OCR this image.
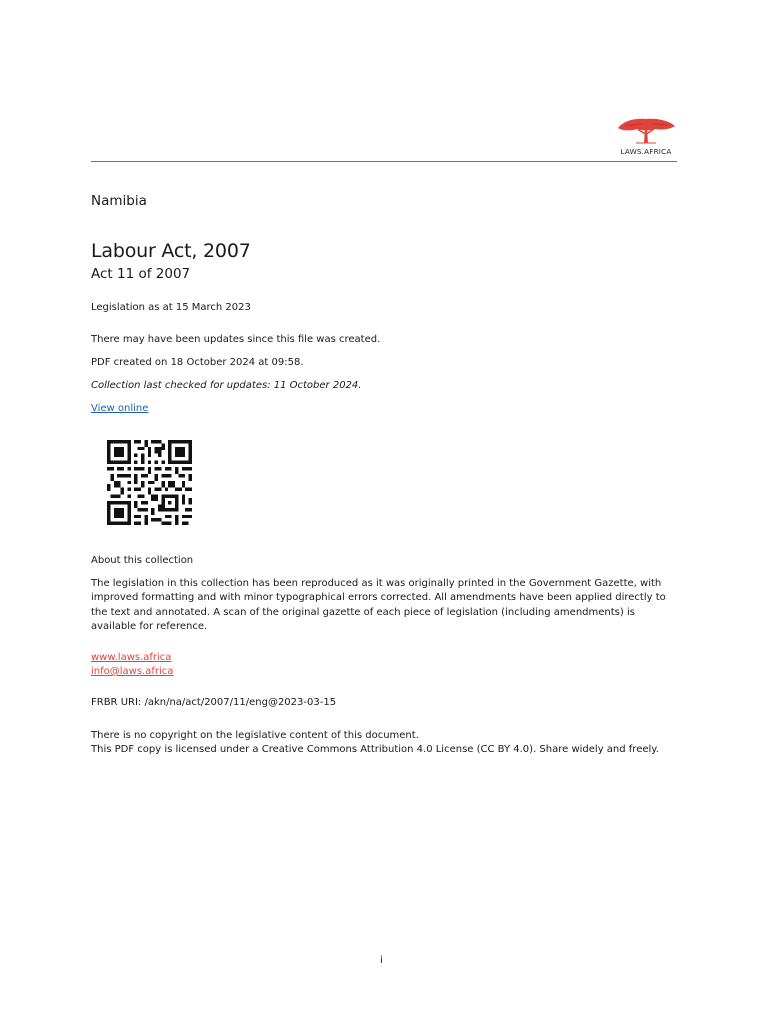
LAWS.AFRICA
Namibia
Labour Act, 2007
Act 11 of 2007
Legislation as at 15 March 2023
There may have been updates since this file was created.
PDF created on 18 October 2024 at 09:58.
Collection last checked for updates: 11 October 2024.
View online
About this collection
The legislation in this collection has been reproduced as it was originally printed in the Government Gazette, with improved formatting and with minor typographical errors corrected. All amendments have been applied directly to the text and annotated. A scan of the original gazette of each piece of legislation (including amendments) is available for reference.
www.laws.africa
info@laws.africa
FRBR URI: /akn/na/act/2007/11/eng@2023-03-15
There is no copyright on the legislative content of this document.
This PDF copy is licensed under a Creative Commons Attribution 4.0 License (CC BY 4.0). Share widely and freely.
i
